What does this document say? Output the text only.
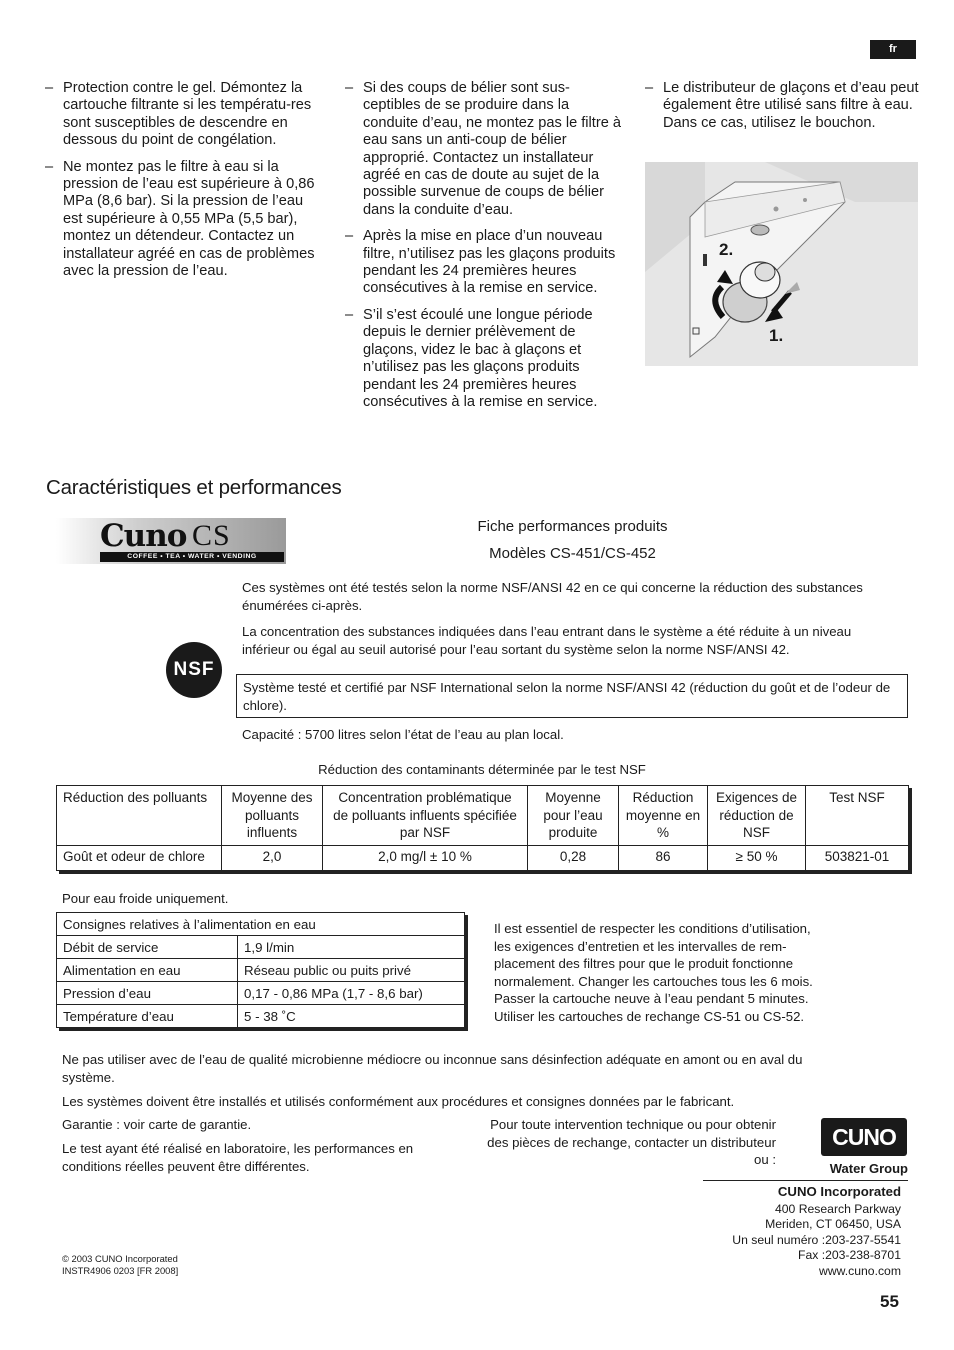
fr
– Protection contre le gel. Démontez la cartouche filtrante si les températu-res sont susceptibles de descendre en dessous du point de congélation.
– Ne montez pas le filtre à eau si la pression de l’eau est supérieure à 0,86 MPa (8,6 bar). Si la pression de l’eau est supérieure à 0,55 MPa (5,5 bar), montez un détendeur. Contactez un installateur agréé en cas de problèmes avec la pression de l’eau.
– Si des coups de bélier sont sus-ceptibles de se produire dans la conduite d’eau, ne montez pas le filtre à eau sans un anti-coup de bélier approprié. Contactez un installateur agréé en cas de doute au sujet de la possible survenue de coups de bélier dans la conduite d’eau.
– Après la mise en place d’un nouveau filtre, n’utilisez pas les glaçons produits pendant les 24 premières heures consécutives à la remise en service.
– S’il s’est écoulé une longue période depuis le dernier prélèvement de glaçons, videz le bac à glaçons et n’utilisez pas les glaçons produits pendant les 24 premières heures consécutives à la remise en service.
– Le distributeur de glaçons et d’eau peut également être utilisé sans filtre à eau. Dans ce cas, utilisez le bouchon.
2.
1.
Caractéristiques et performances
Cuno CS
COFFEE • TEA • WATER • VENDING
Fiche performances produits
Modèles CS-451/CS-452
NSF
Ces systèmes ont été testés selon la norme NSF/ANSI 42 en ce qui concerne la réduction des substances énumérées ci-après.
La concentration des substances indiquées dans l’eau entrant dans le système a été réduite à un niveau inférieur ou égal au seuil autorisé pour l’eau sortant du système selon la norme NSF/ANSI 42.
Système testé et certifié par NSF International selon la norme NSF/ANSI 42 (réduction du goût et de l’odeur de chlore).
Capacité : 5700 litres selon l’état de l’eau au plan local.
Réduction des contaminants déterminée par le test NSF
Réduction des polluants	Moyenne des polluants influents	Concentration problématique de polluants influents spécifiée par NSF	Moyenne pour l’eau produite	Réduction moyenne en %	Exigences de réduction de NSF	Test NSF
Goût et odeur de chlore	2,0	2,0 mg/l ± 10 %	0,28	86	≥ 50 %	503821-01
Pour eau froide uniquement.
Consignes relatives à l’alimentation en eau	
Débit de service	1,9 l/min
Alimentation en eau	Réseau public ou puits privé
Pression d’eau	0,17 - 0,86 MPa (1,7 - 8,6 bar)
Température d’eau	5 - 38 ˚C
Il est essentiel de respecter les conditions d’utilisation, les exigences d’entretien et les intervalles de rem-placement des filtres pour que le produit fonctionne normalement. Changer les cartouches tous les 6 mois. Passer la cartouche neuve à l’eau pendant 5 minutes. Utiliser les cartouches de rechange CS-51 ou CS-52.
Ne pas utiliser avec de l’eau de qualité microbienne médiocre ou inconnue sans désinfection adéquate en amont ou en aval du système.
Les systèmes doivent être installés et utilisés conformément aux procédures et consignes données par le fabricant.
Garantie : voir carte de garantie.
Le test ayant été réalisé en laboratoire, les performances en conditions réelles peuvent être différentes.
Pour toute intervention technique ou pour obtenir des pièces de rechange, contacter un distributeur ou :
CUNO
Water Group
CUNO Incorporated
400 Research Parkway
Meriden, CT 06450, USA
Un seul numéro :203-237-5541
Fax :203-238-8701
www.cuno.com
© 2003 CUNO Incorporated
INSTR4906 0203 [FR 2008]
55
